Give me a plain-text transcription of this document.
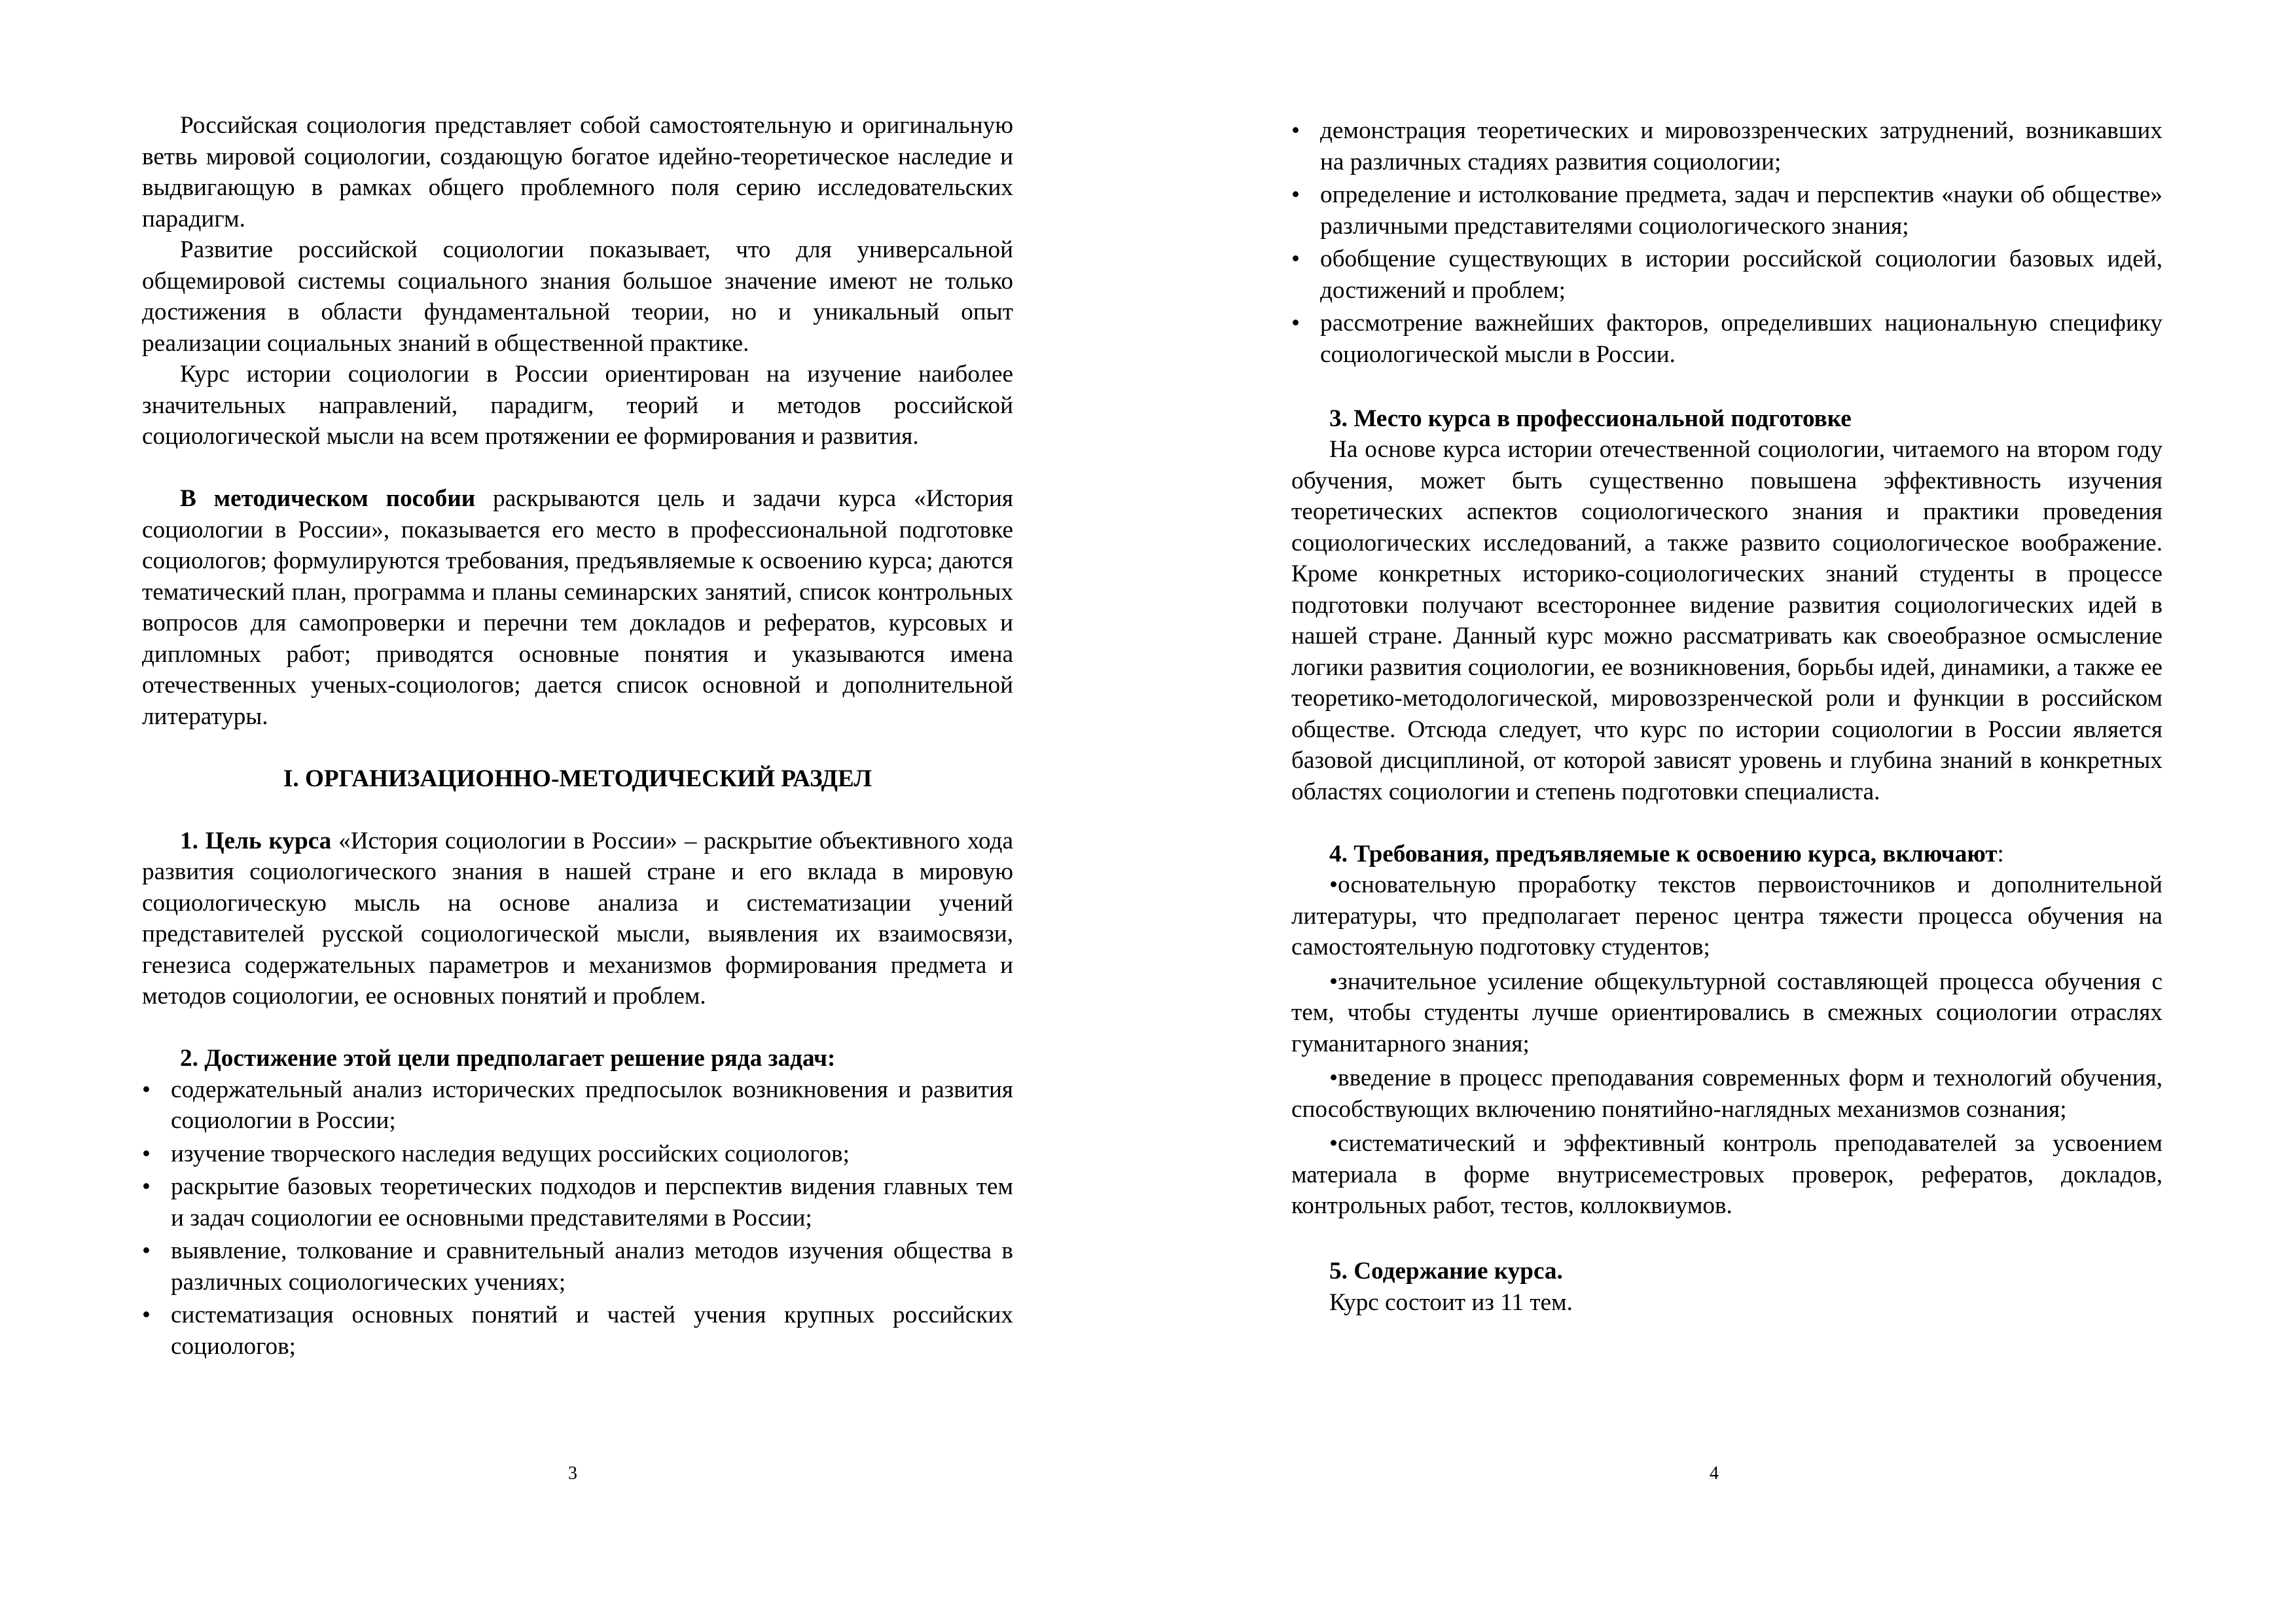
Российская социология представляет собой самостоятельную и оригинальную ветвь мировой социологии, создающую богатое идейно-теоретическое наследие и выдвигающую в рамках общего проблемного поля серию исследовательских парадигм.

Развитие российской социологии показывает, что для универсальной общемировой системы социального знания большое значение имеют не только достижения в области фундаментальной теории, но и уникальный опыт реализации социальных знаний в общественной практике.

Курс истории социологии в России ориентирован на изучение наиболее значительных направлений, парадигм, теорий и методов российской социологической мысли на всем протяжении ее формирования и развития.

В методическом пособии раскрываются цель и задачи курса «История социологии в России», показывается его место в профессиональной подготовке социологов; формулируются требования, предъявляемые к освоению курса; даются тематический план, программа и планы семинарских занятий, список контрольных вопросов для самопроверки и перечни тем докладов и рефератов, курсовых и дипломных работ; приводятся основные понятия и указываются имена отечественных ученых-социологов; дается список основной и дополнительной литературы.

I. ОРГАНИЗАЦИОННО-МЕТОДИЧЕСКИЙ РАЗДЕЛ

1. Цель курса «История социологии в России» – раскрытие объективного хода развития социологического знания в нашей стране и его вклада в мировую социологическую мысль на основе анализа и систематизации учений представителей русской социологической мысли, выявления их взаимосвязи, генезиса содержательных параметров и механизмов формирования предмета и методов социологии, ее основных понятий и проблем.

2. Достижение этой цели предполагает решение ряда задач:
• содержательный анализ исторических предпосылок возникновения и развития социологии в России;
• изучение творческого наследия ведущих российских социологов;
• раскрытие базовых теоретических подходов и перспектив видения главных тем и задач социологии ее основными представителями в России;
• выявление, толкование и сравнительный анализ методов изучения общества в различных социологических учениях;
• систематизация основных понятий и частей учения крупных российских социологов;
3
• демонстрация теоретических и мировоззренческих затруднений, возникавших на различных стадиях развития социологии;
• определение и истолкование предмета, задач и перспектив «науки об обществе» различными представителями социологического знания;
• обобщение существующих в истории российской социологии базовых идей, достижений и проблем;
• рассмотрение важнейших факторов, определивших национальную специфику социологической мысли в России.
3. Место курса в профессиональной подготовке

На основе курса истории отечественной социологии, читаемого на втором году обучения, может быть существенно повышена эффективность изучения теоретических аспектов социологического знания и практики проведения социологических исследований, а также развито социологическое воображение. Кроме конкретных историко-социологических знаний студенты в процессе подготовки получают всестороннее видение развития социологических идей в нашей стране. Данный курс можно рассматривать как своеобразное осмысление логики развития социологии, ее возникновения, борьбы идей, динамики, а также ее теоретико-методологической, мировоззренческой роли и функции в российском обществе. Отсюда следует, что курс по истории социологии в России является базовой дисциплиной, от которой зависят уровень и глубина знаний в конкретных областях социологии и степень подготовки специалиста.

4. Требования, предъявляемые к освоению курса, включают:

•основательную проработку текстов первоисточников и дополнительной литературы, что предполагает перенос центра тяжести процесса обучения на самостоятельную подготовку студентов;

•значительное усиление общекультурной составляющей процесса обучения с тем, чтобы студенты лучше ориентировались в смежных социологии отраслях гуманитарного знания;

•введение в процесс преподавания современных форм и технологий обучения, способствующих включению понятийно-наглядных механизмов сознания;

•систематический и эффективный контроль преподавателей за усвоением материала в форме внутрисеместровых проверок, рефератов, докладов, контрольных работ, тестов, коллоквиумов.

5. Содержание курса.

Курс состоит из 11 тем.

4
